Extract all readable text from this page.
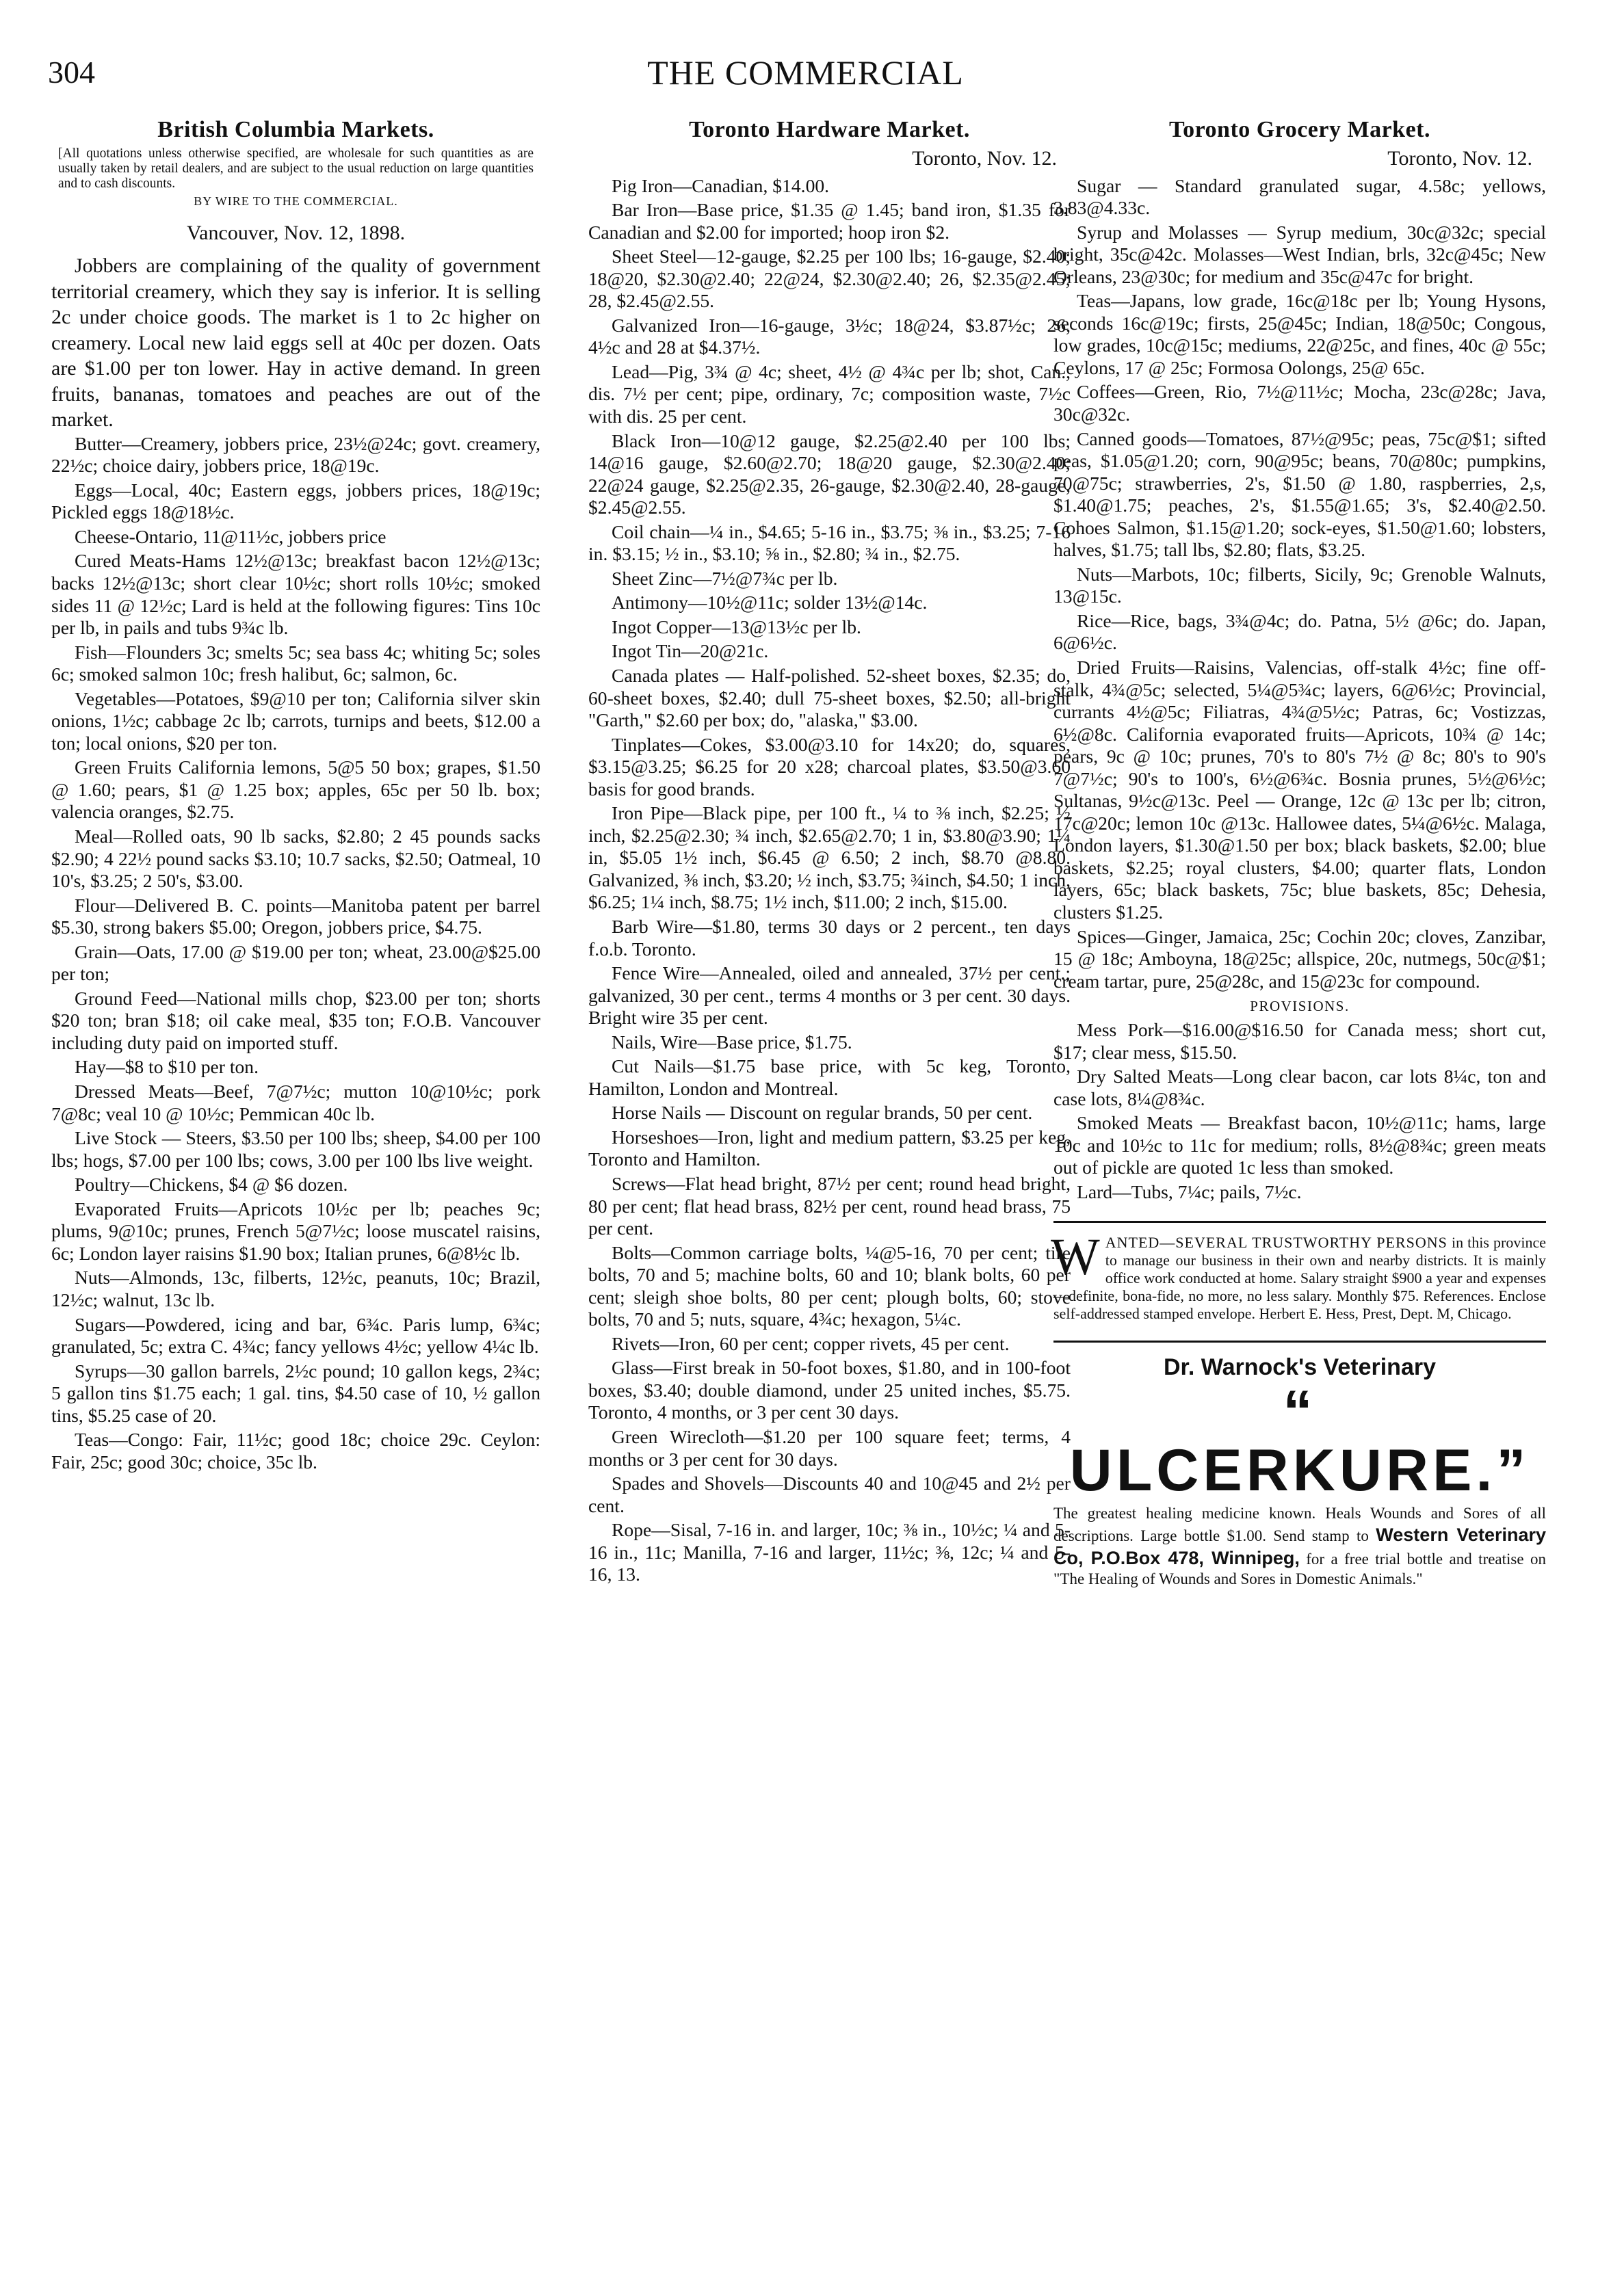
304	THE COMMERCIAL
British Columbia Markets.
[All quotations unless otherwise specified, are wholesale for such quantities as are usually taken by retail dealers, and are subject to the usual reduction on large quantities and to cash discounts.
BY WIRE TO THE COMMERCIAL.
Vancouver, Nov. 12, 1898.

Jobbers are complaining of the quality of government territorial creamery, which they say is inferior. It is selling 2c under choice goods. The market is 1 to 2c higher on creamery. Local new laid eggs sell at 40c per dozen. Oats are $1.00 per ton lower. Hay in active demand. In green fruits, bananas, tomatoes and peaches are out of the market.

Butter—Creamery, jobbers price, 23½@24c; govt. creamery, 22½c; choice dairy, jobbers price, 18@19c.

Eggs—Local, 40c; Eastern eggs, jobbers prices, 18@19c; Pickled eggs 18@18½c.

Cheese-Ontario, 11@11½c, jobbers price

Cured Meats-Hams 12½@13c; breakfast bacon 12½@13c; backs 12½@13c; short clear 10½c; short rolls 10½c; smoked sides 11 @ 12½c; Lard is held at the following figures: Tins 10c per lb, in pails and tubs 9¾c lb.

Fish—Flounders 3c; smelts 5c; sea bass 4c; whiting 5c; soles 6c; smoked salmon 10c; fresh halibut, 6c; salmon, 6c.

Vegetables—Potatoes, $9@10 per ton; California silver skin onions, 1½c; cabbage 2c lb; carrots, turnips and beets, $12.00 a ton; local onions, $20 per ton.

Green Fruits California lemons, 5@5 50 box; grapes, $1.50 @ 1.60; pears, $1 @ 1.25 box; apples, 65c per 50 lb. box; valencia oranges, $2.75.

Meal—Rolled oats, 90 lb sacks, $2.80; 2 45 pounds sacks $2.90; 4 22½ pound sacks $3.10; 10.7 sacks, $2.50; Oatmeal, 10 10's, $3.25; 2 50's, $3.00.

Flour—Delivered B. C. points—Manitoba patent per barrel $5.30, strong bakers $5.00; Oregon, jobbers price, $4.75.

Grain—Oats, 17.00 @ $19.00 per ton; wheat, 23.00@$25.00 per ton;

Ground Feed—National mills chop, $23.00 per ton; shorts $20 ton; bran $18; oil cake meal, $35 ton; F.O.B. Vancouver including duty paid on imported stuff.

Hay—$8 to $10 per ton.

Dressed Meats—Beef, 7@7½c; mutton 10@10½c; pork 7@8c; veal 10 @ 10½c; Pemmican 40c lb.

Live Stock — Steers, $3.50 per 100 lbs; sheep, $4.00 per 100 lbs; hogs, $7.00 per 100 lbs; cows, 3.00 per 100 lbs live weight.

Poultry—Chickens, $4 @ $6 dozen.

Evaporated Fruits—Apricots 10½c per lb; peaches 9c; plums, 9@10c; prunes, French 5@7½c; loose muscatel raisins, 6c; London layer raisins $1.90 box; Italian prunes, 6@8½c lb.

Nuts—Almonds, 13c, filberts, 12½c, peanuts, 10c; Brazil, 12½c; walnut, 13c lb.

Sugars—Powdered, icing and bar, 6¾c. Paris lump, 6¾c; granulated, 5c; extra C. 4¾c; fancy yellows 4½c; yellow 4¼c lb.

Syrups—30 gallon barrels, 2½c pound; 10 gallon kegs, 2¾c; 5 gallon tins $1.75 each; 1 gal. tins, $4.50 case of 10, ½ gallon tins, $5.25 case of 20.

Teas—Congo: Fair, 11½c; good 18c; choice 29c. Ceylon: Fair, 25c; good 30c; choice, 35c lb.

Toronto Hardware Market.
Toronto, Nov. 12.

Pig Iron—Canadian, $14.00.

Bar Iron—Base price, $1.35 @ 1.45; band iron, $1.35 for Canadian and $2.00 for imported; hoop iron $2.

Sheet Steel—12-gauge, $2.25 per 100 lbs; 16-gauge, $2.40; 18@20, $2.30@2.40; 22@24, $2.30@2.40; 26, $2.35@2.45; 28, $2.45@2.55.

Galvanized Iron—16-gauge, 3½c; 18@24, $3.87½c; 26, 4½c and 28 at $4.37½.

Lead—Pig, 3¾ @ 4c; sheet, 4½ @ 4¾c per lb; shot, Can., dis. 7½ per cent; pipe, ordinary, 7c; composition waste, 7½c with dis. 25 per cent.

Black Iron—10@12 gauge, $2.25@2.40 per 100 lbs; 14@16 gauge, $2.60@2.70; 18@20 gauge, $2.30@2.40; 22@24 gauge, $2.25@2.35, 26-gauge, $2.30@2.40, 28-gauge, $2.45@2.55.

Coil chain—¼ in., $4.65; 5-16 in., $3.75; ⅜ in., $3.25; 7-16 in. $3.15; ½ in., $3.10; ⅝ in., $2.80; ¾ in., $2.75.

Sheet Zinc—7½@7¾c per lb.

Antimony—10½@11c; solder 13½@14c.

Ingot Copper—13@13½c per lb.

Ingot Tin—20@21c.

Canada plates — Half-polished. 52-sheet boxes, $2.35; do, 60-sheet boxes, $2.40; dull 75-sheet boxes, $2.50; all-bright "Garth," $2.60 per box; do, "alaska," $3.00.

Tinplates—Cokes, $3.00@3.10 for 14x20; do, squares, $3.15@3.25; $6.25 for 20 x28; charcoal plates, $3.50@3.60 basis for good brands.

Iron Pipe—Black pipe, per 100 ft., ¼ to ⅜ inch, $2.25; ½ inch, $2.25@2.30; ¾ inch, $2.65@2.70; 1 in, $3.80@3.90; 1¼ in, $5.05 1½ inch, $6.45 @ 6.50; 2 inch, $8.70 @8.80. Galvanized, ⅜ inch, $3.20; ½ inch, $3.75; ¾inch, $4.50; 1 inch, $6.25; 1¼ inch, $8.75; 1½ inch, $11.00; 2 inch, $15.00.

Barb Wire—$1.80, terms 30 days or 2 percent., ten days f.o.b. Toronto.

Fence Wire—Annealed, oiled and annealed, 37½ per cent.; galvanized, 30 per cent., terms 4 months or 3 per cent. 30 days. Bright wire 35 per cent.

Nails, Wire—Base price, $1.75.

Cut Nails—$1.75 base price, with 5c keg, Toronto, Hamilton, London and Montreal.

Horse Nails — Discount on regular brands, 50 per cent.

Horseshoes—Iron, light and medium pattern, $3.25 per keg, Toronto and Hamilton.

Screws—Flat head bright, 87½ per cent; round head bright, 80 per cent; flat head brass, 82½ per cent, round head brass, 75 per cent.

Bolts—Common carriage bolts, ¼@5-16, 70 per cent; tire bolts, 70 and 5; machine bolts, 60 and 10; blank bolts, 60 per cent; sleigh shoe bolts, 80 per cent; plough bolts, 60; stove bolts, 70 and 5; nuts, square, 4¾c; hexagon, 5¼c.

Rivets—Iron, 60 per cent; copper rivets, 45 per cent.

Glass—First break in 50-foot boxes, $1.80, and in 100-foot boxes, $3.40; double diamond, under 25 united inches, $5.75. Toronto, 4 months, or 3 per cent 30 days.

Green Wirecloth—$1.20 per 100 square feet; terms, 4 months or 3 per cent for 30 days.

Spades and Shovels—Discounts 40 and 10@45 and 2½ per cent.

Rope—Sisal, 7-16 in. and larger, 10c; ⅜ in., 10½c; ¼ and 5-16 in., 11c; Manilla, 7-16 and larger, 11½c; ⅜, 12c; ¼ and 5-16, 13.

Toronto Grocery Market.
Toronto, Nov. 12.

Sugar — Standard granulated sugar, 4.58c; yellows, 3.83@4.33c.

Syrup and Molasses — Syrup medium, 30c@32c; special bright, 35c@42c. Molasses—West Indian, brls, 32c@45c; New Orleans, 23@30c; for medium and 35c@47c for bright.

Teas—Japans, low grade, 16c@18c per lb; Young Hysons, seconds 16c@19c; firsts, 25@45c; Indian, 18@50c; Congous, low grades, 10c@15c; mediums, 22@25c, and fines, 40c @ 55c; Ceylons, 17 @ 25c; Formosa Oolongs, 25@ 65c.

Coffees—Green, Rio, 7½@11½c; Mocha, 23c@28c; Java, 30c@32c.

Canned goods—Tomatoes, 87½@95c; peas, 75c@$1; sifted peas, $1.05@1.20; corn, 90@95c; beans, 70@80c; pumpkins, 70@75c; strawberries, 2's, $1.50 @ 1.80, raspberries, 2,s, $1.40@1.75; peaches, 2's, $1.55@1.65; 3's, $2.40@2.50. Cohoes Salmon, $1.15@1.20; sock-eyes, $1.50@1.60; lobsters, halves, $1.75; tall lbs, $2.80; flats, $3.25.

Nuts—Marbots, 10c; filberts, Sicily, 9c; Grenoble Walnuts, 13@15c.

Rice—Rice, bags, 3¾@4c; do. Patna, 5½ @6c; do. Japan, 6@6½c.

Dried Fruits—Raisins, Valencias, off-stalk 4½c; fine off-stalk, 4¾@5c; selected, 5¼@5¾c; layers, 6@6½c; Provincial, currants 4½@5c; Filiatras, 4¾@5½c; Patras, 6c; Vostizzas, 6½@8c. California evaporated fruits—Apricots, 10¾ @ 14c; pears, 9c @ 10c; prunes, 70's to 80's 7½ @ 8c; 80's to 90's 7@7½c; 90's to 100's, 6½@6¾c. Bosnia prunes, 5½@6½c; Sultanas, 9½c@13c. Peel — Orange, 12c @ 13c per lb; citron, 17c@20c; lemon 10c @13c. Hallowee dates, 5¼@6½c. Malaga, London layers, $1.30@1.50 per box; black baskets, $2.00; blue baskets, $2.25; royal clusters, $4.00; quarter flats, London layers, 65c; black baskets, 75c; blue baskets, 85c; Dehesia, clusters $1.25.

Spices—Ginger, Jamaica, 25c; Cochin 20c; cloves, Zanzibar, 15 @ 18c; Amboyna, 18@25c; allspice, 20c, nutmegs, 50c@$1; cream tartar, pure, 25@28c, and 15@23c for compound.

PROVISIONS.

Mess Pork—$16.00@$16.50 for Canada mess; short cut, $17; clear mess, $15.50.

Dry Salted Meats—Long clear bacon, car lots 8¼c, ton and case lots, 8¼@8¾c.

Smoked Meats — Breakfast bacon, 10½@11c; hams, large 10c and 10½c to 11c for medium; rolls, 8½@8¾c; green meats out of pickle are quoted 1c less than smoked.

Lard—Tubs, 7¼c; pails, 7½c.

WANTED—SEVERAL TRUSTWORTHY PERSONS in this province to manage our business in their own and nearby districts. It is mainly office work conducted at home. Salary straight $900 a year and expenses—definite, bona-fide, no more, no less salary. Monthly $75. References. Enclose self-addressed stamped envelope. Herbert E. Hess, Prest, Dept. M, Chicago.
Dr. Warnock's Veterinary
“ ULCERKURE.”
The greatest healing medicine known. Heals Wounds and Sores of all descriptions. Large bottle $1.00. Send stamp to Western Veterinary Co, P.O.Box 478, Winnipeg, for a free trial bottle and treatise on "The Healing of Wounds and Sores in Domestic Animals."
